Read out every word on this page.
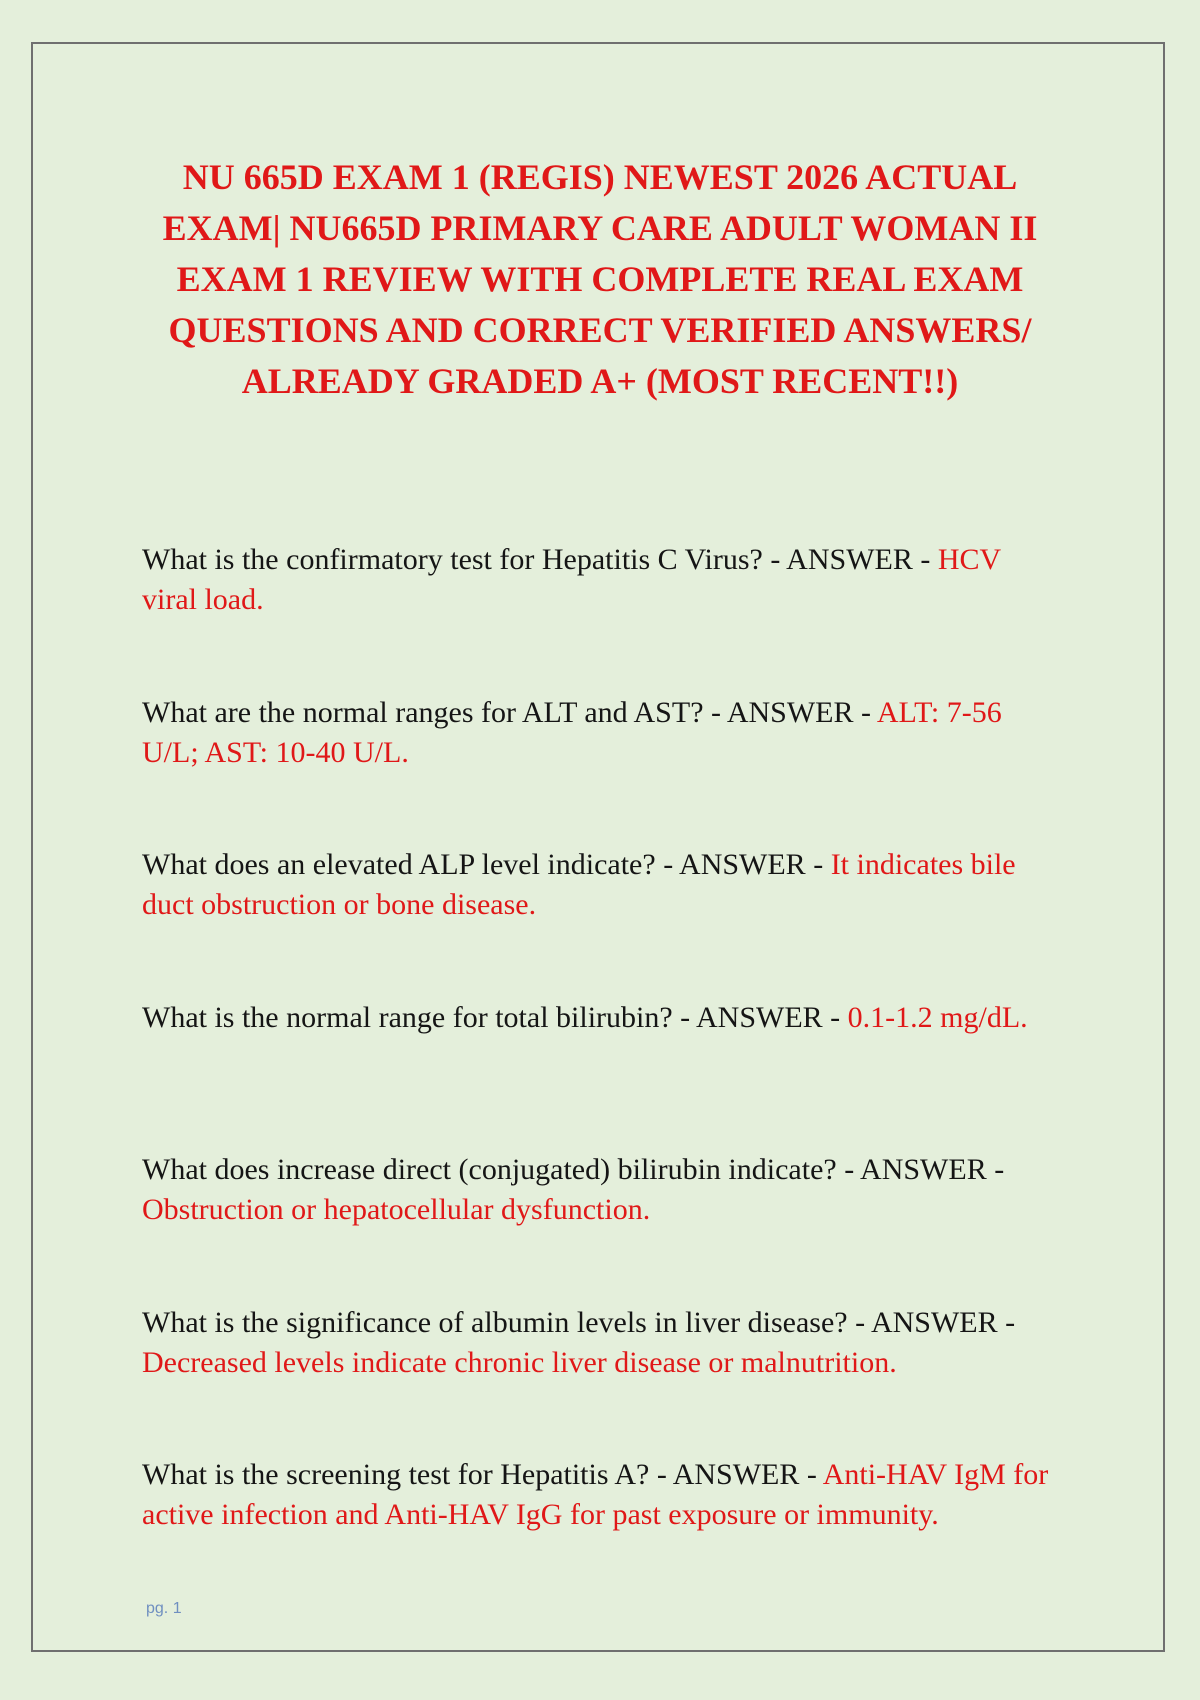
NU 665D EXAM 1 (REGIS) NEWEST 2026 ACTUAL EXAM| NU665D PRIMARY CARE ADULT WOMAN II EXAM 1 REVIEW WITH COMPLETE REAL EXAM QUESTIONS AND CORRECT VERIFIED ANSWERS/ ALREADY GRADED A+ (MOST RECENT!!)

What is the confirmatory test for Hepatitis C Virus? - ANSWER - HCV viral load.

What are the normal ranges for ALT and AST? - ANSWER - ALT: 7-56 U/L; AST: 10-40 U/L.

What does an elevated ALP level indicate? - ANSWER - It indicates bile duct obstruction or bone disease.

What is the normal range for total bilirubin? - ANSWER - 0.1-1.2 mg/dL.

What does increase direct (conjugated) bilirubin indicate? - ANSWER - Obstruction or hepatocellular dysfunction.

What is the significance of albumin levels in liver disease? - ANSWER - Decreased levels indicate chronic liver disease or malnutrition.

What is the screening test for Hepatitis A? - ANSWER - Anti-HAV IgM for active infection and Anti-HAV IgG for past exposure or immunity.

pg. 1
